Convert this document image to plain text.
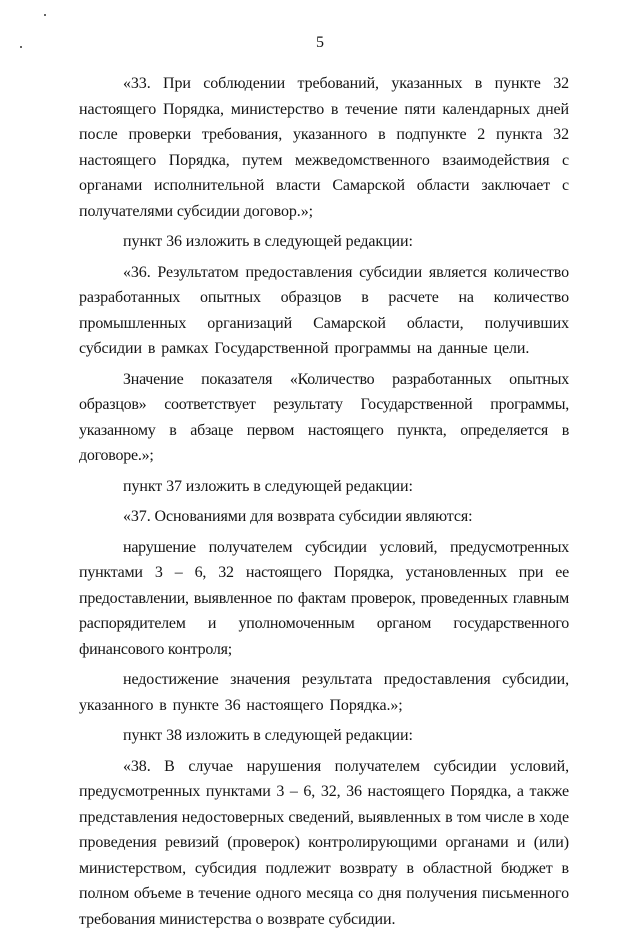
5

«33. При соблюдении требований, указанных в пункте 32 настоящего Порядка, министерство в течение пяти календарных дней после проверки требования, указанного в подпункте 2 пункта 32 настоящего Порядка, путем межведомственного взаимодействия с органами исполнительной власти Самарской области заключает с получателями субсидии договор.»;

пункт 36 изложить в следующей редакции:

«36. Результатом предоставления субсидии является количество разработанных опытных образцов в расчете на количество промышленных организаций Самарской области, получивших субсидии в рамках Государственной программы на данные цели.

Значение показателя «Количество разработанных опытных образцов» соответствует результату Государственной программы, указанному в абзаце первом настоящего пункта, определяется в договоре.»;

пункт 37 изложить в следующей редакции:

«37. Основаниями для возврата субсидии являются:

нарушение получателем субсидии условий, предусмотренных пунктами 3 – 6, 32 настоящего Порядка, установленных при ее предоставлении, выявленное по фактам проверок, проведенных главным распорядителем и уполномоченным органом государственного финансового контроля;

недостижение значения результата предоставления субсидии, указанного в пункте 36 настоящего Порядка.»;

пункт 38 изложить в следующей редакции:

«38. В случае нарушения получателем субсидии условий, предусмотренных пунктами 3 – 6, 32, 36 настоящего Порядка, а также представления недостоверных сведений, выявленных в том числе в ходе проведения ревизий (проверок) контролирующими органами и (или) министерством, субсидия подлежит возврату в областной бюджет в полном объеме в течение одного месяца со дня получения письменного требования министерства о возврате субсидии.
